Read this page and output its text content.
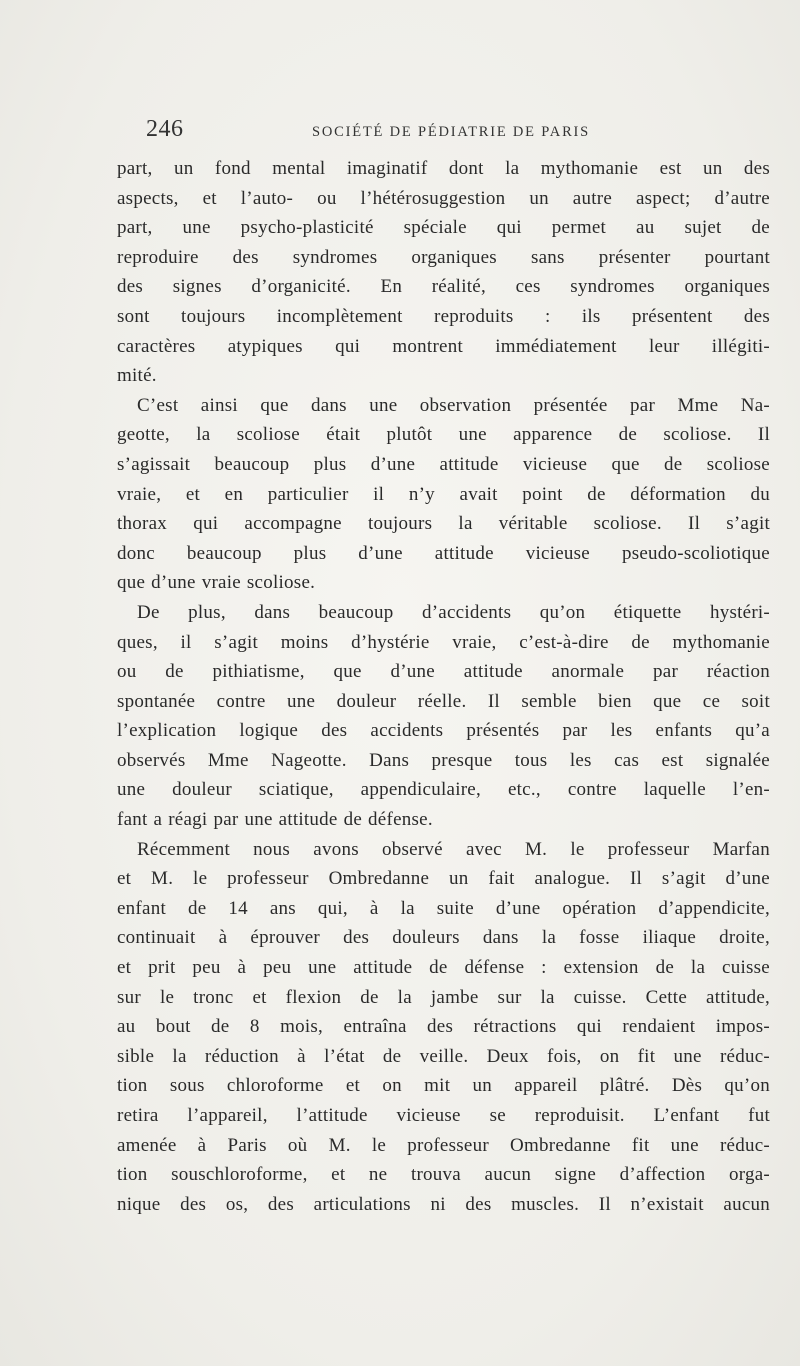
246	SOCIÉTÉ DE PÉDIATRIE DE PARIS
part, un fond mental imaginatif dont la mythomanie est un des
aspects, et l’auto- ou l’hétérosuggestion un autre aspect; d’autre
part, une psycho-plasticité spéciale qui permet au sujet de
reproduire des syndromes organiques sans présenter pourtant
des signes d’organicité. En réalité, ces syndromes organiques
sont toujours incomplètement reproduits : ils présentent des
caractères atypiques qui montrent immédiatement leur illégiti-
mité.
C’est ainsi que dans une observation présentée par Mme Na-
geotte, la scoliose était plutôt une apparence de scoliose. Il
s’agissait beaucoup plus d’une attitude vicieuse que de scoliose
vraie, et en particulier il n’y avait point de déformation du
thorax qui accompagne toujours la véritable scoliose. Il s’agit
donc beaucoup plus d’une attitude vicieuse pseudo-scoliotique
que d’une vraie scoliose.
De plus, dans beaucoup d’accidents qu’on étiquette hystéri-
ques, il s’agit moins d’hystérie vraie, c’est-à-dire de mythomanie
ou de pithiatisme, que d’une attitude anormale par réaction
spontanée contre une douleur réelle. Il semble bien que ce soit
l’explication logique des accidents présentés par les enfants qu’a
observés Mme Nageotte. Dans presque tous les cas est signalée
une douleur sciatique, appendiculaire, etc., contre laquelle l’en-
fant a réagi par une attitude de défense.
Récemment nous avons observé avec M. le professeur Marfan
et M. le professeur Ombredanne un fait analogue. Il s’agit d’une
enfant de 14 ans qui, à la suite d’une opération d’appendicite,
continuait à éprouver des douleurs dans la fosse iliaque droite,
et prit peu à peu une attitude de défense : extension de la cuisse
sur le tronc et flexion de la jambe sur la cuisse. Cette attitude,
au bout de 8 mois, entraîna des rétractions qui rendaient impos-
sible la réduction à l’état de veille. Deux fois, on fit une réduc-
tion sous chloroforme et on mit un appareil plâtré. Dès qu’on
retira l’appareil, l’attitude vicieuse se reproduisit. L’enfant fut
amenée à Paris où M. le professeur Ombredanne fit une réduc-
tion souschloroforme, et ne trouva aucun signe d’affection orga-
nique des os, des articulations ni des muscles. Il n’existait aucun
